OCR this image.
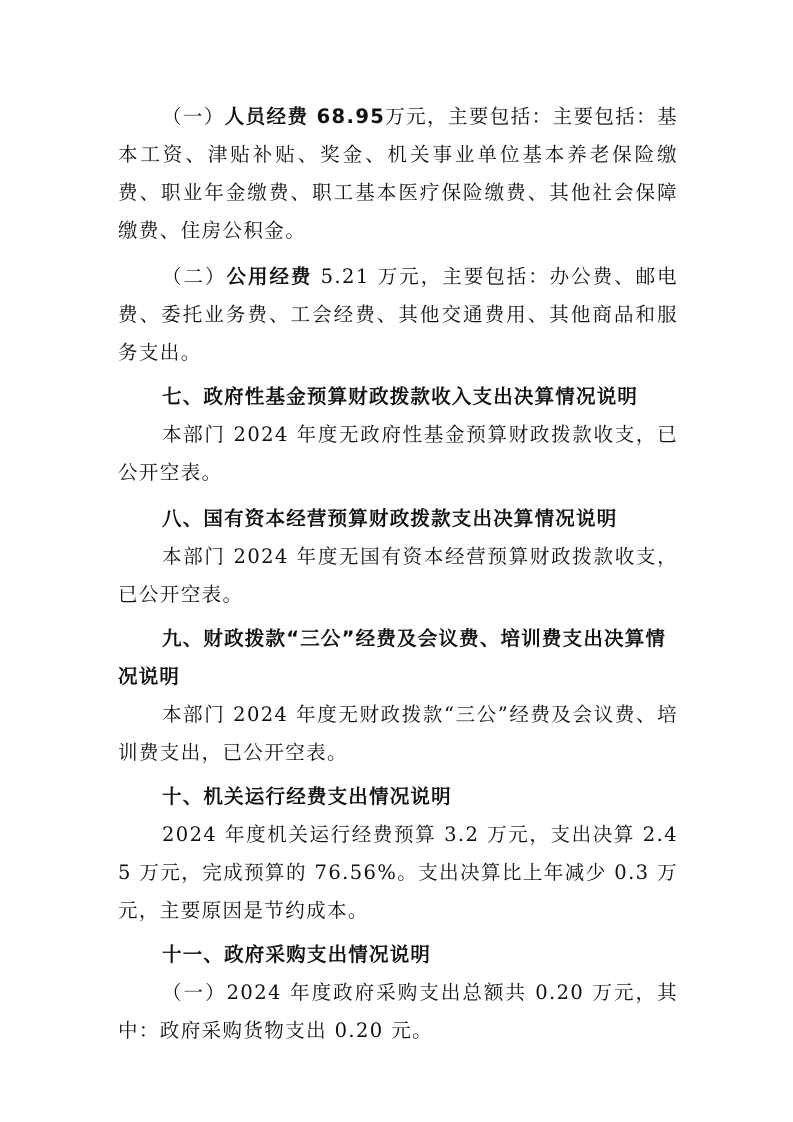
（一）人员经费 68.95万元，主要包括：主要包括：基本工资、津贴补贴、奖金、机关事业单位基本养老保险缴费、职业年金缴费、职工基本医疗保险缴费、其他社会保障缴费、住房公积金。

（二）公用经费 5.21 万元，主要包括：办公费、邮电费、委托业务费、工会经费、其他交通费用、其他商品和服务支出。

七、政府性基金预算财政拨款收入支出决算情况说明

本部门 2024 年度无政府性基金预算财政拨款收支，已公开空表。

八、国有资本经营预算财政拨款支出决算情况说明

本部门 2024 年度无国有资本经营预算财政拨款收支，已公开空表。

九、财政拨款“三公”经费及会议费、培训费支出决算情况说明

本部门 2024 年度无财政拨款“三公”经费及会议费、培训费支出，已公开空表。

十、机关运行经费支出情况说明

2024 年度机关运行经费预算 3.2 万元，支出决算 2.45 万元，完成预算的 76.56%。支出决算比上年减少 0.3 万元，主要原因是节约成本。

十一、政府采购支出情况说明

（一）2024 年度政府采购支出总额共 0.20 万元，其中：政府采购货物支出 0.20 元。
